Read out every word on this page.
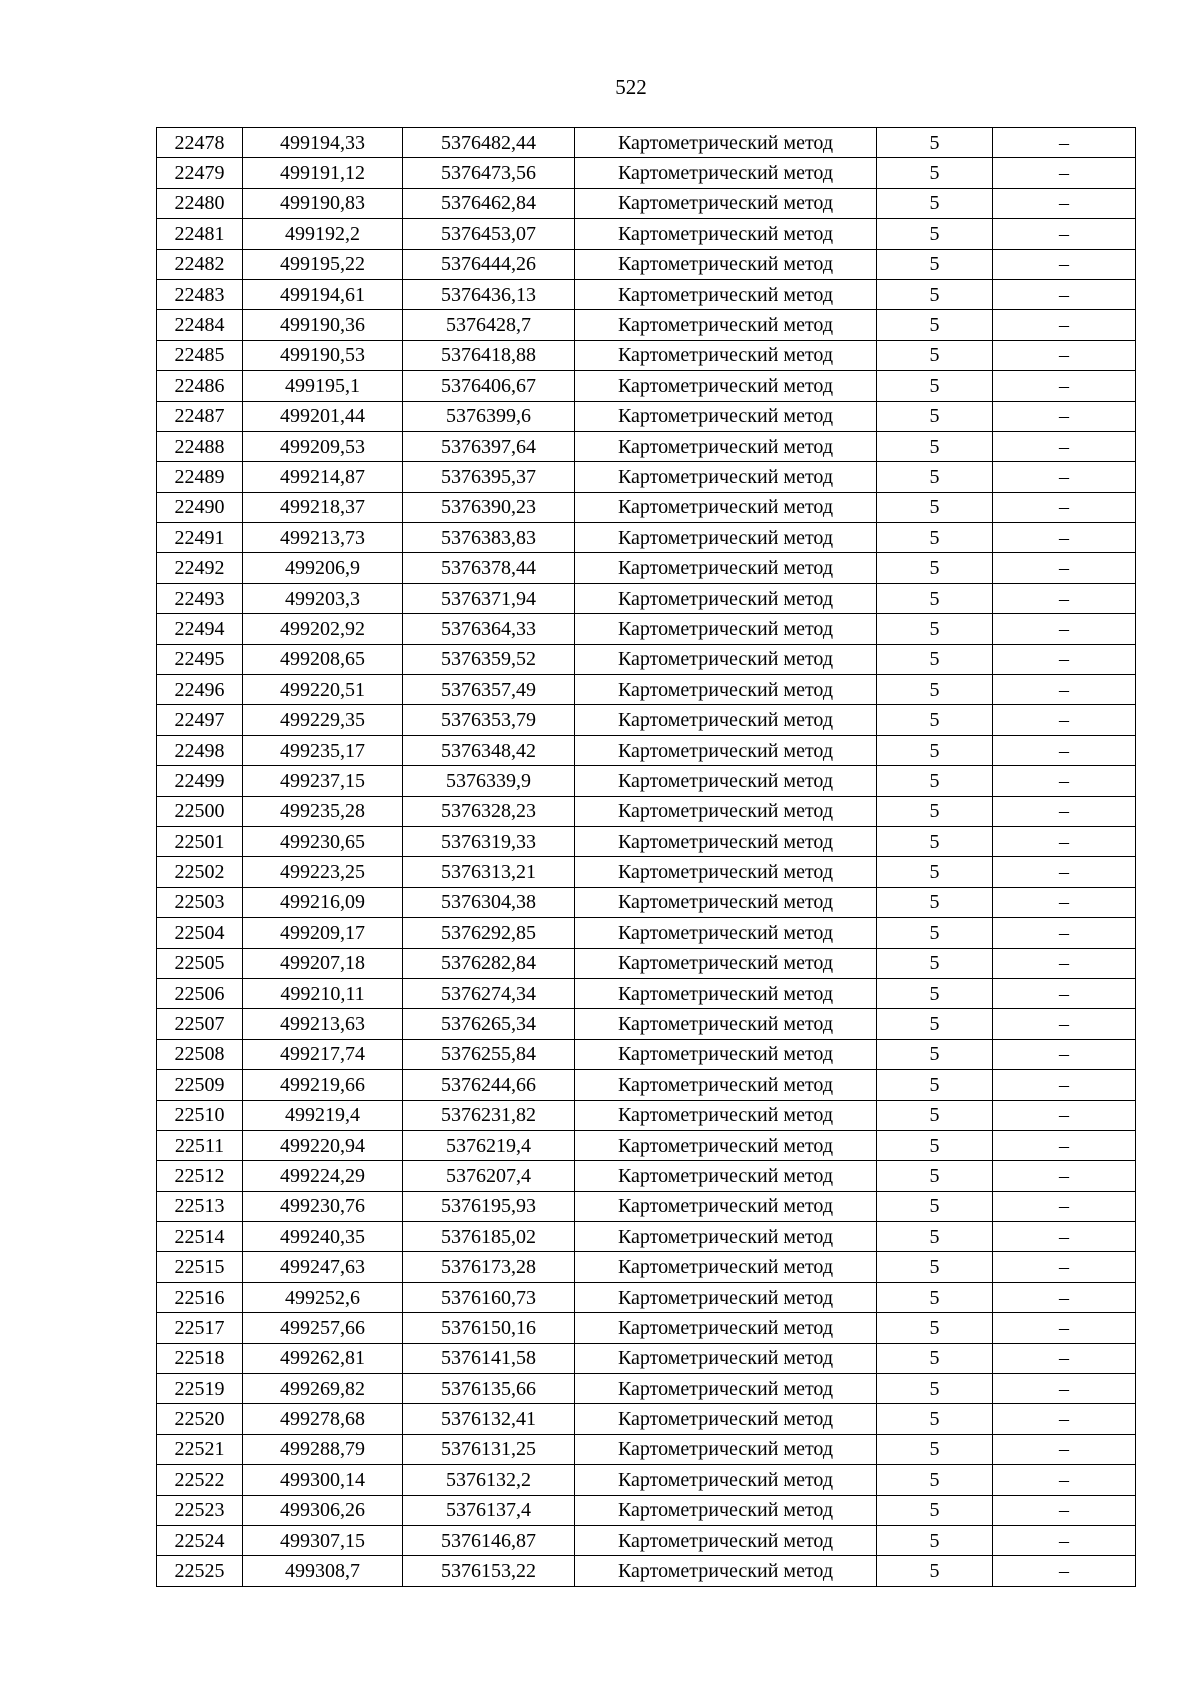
522
22478	499194,33	5376482,44	Картометрический метод	5	–
22479	499191,12	5376473,56	Картометрический метод	5	–
22480	499190,83	5376462,84	Картометрический метод	5	–
22481	499192,2	5376453,07	Картометрический метод	5	–
22482	499195,22	5376444,26	Картометрический метод	5	–
22483	499194,61	5376436,13	Картометрический метод	5	–
22484	499190,36	5376428,7	Картометрический метод	5	–
22485	499190,53	5376418,88	Картометрический метод	5	–
22486	499195,1	5376406,67	Картометрический метод	5	–
22487	499201,44	5376399,6	Картометрический метод	5	–
22488	499209,53	5376397,64	Картометрический метод	5	–
22489	499214,87	5376395,37	Картометрический метод	5	–
22490	499218,37	5376390,23	Картометрический метод	5	–
22491	499213,73	5376383,83	Картометрический метод	5	–
22492	499206,9	5376378,44	Картометрический метод	5	–
22493	499203,3	5376371,94	Картометрический метод	5	–
22494	499202,92	5376364,33	Картометрический метод	5	–
22495	499208,65	5376359,52	Картометрический метод	5	–
22496	499220,51	5376357,49	Картометрический метод	5	–
22497	499229,35	5376353,79	Картометрический метод	5	–
22498	499235,17	5376348,42	Картометрический метод	5	–
22499	499237,15	5376339,9	Картометрический метод	5	–
22500	499235,28	5376328,23	Картометрический метод	5	–
22501	499230,65	5376319,33	Картометрический метод	5	–
22502	499223,25	5376313,21	Картометрический метод	5	–
22503	499216,09	5376304,38	Картометрический метод	5	–
22504	499209,17	5376292,85	Картометрический метод	5	–
22505	499207,18	5376282,84	Картометрический метод	5	–
22506	499210,11	5376274,34	Картометрический метод	5	–
22507	499213,63	5376265,34	Картометрический метод	5	–
22508	499217,74	5376255,84	Картометрический метод	5	–
22509	499219,66	5376244,66	Картометрический метод	5	–
22510	499219,4	5376231,82	Картометрический метод	5	–
22511	499220,94	5376219,4	Картометрический метод	5	–
22512	499224,29	5376207,4	Картометрический метод	5	–
22513	499230,76	5376195,93	Картометрический метод	5	–
22514	499240,35	5376185,02	Картометрический метод	5	–
22515	499247,63	5376173,28	Картометрический метод	5	–
22516	499252,6	5376160,73	Картометрический метод	5	–
22517	499257,66	5376150,16	Картометрический метод	5	–
22518	499262,81	5376141,58	Картометрический метод	5	–
22519	499269,82	5376135,66	Картометрический метод	5	–
22520	499278,68	5376132,41	Картометрический метод	5	–
22521	499288,79	5376131,25	Картометрический метод	5	–
22522	499300,14	5376132,2	Картометрический метод	5	–
22523	499306,26	5376137,4	Картометрический метод	5	–
22524	499307,15	5376146,87	Картометрический метод	5	–
22525	499308,7	5376153,22	Картометрический метод	5	–
